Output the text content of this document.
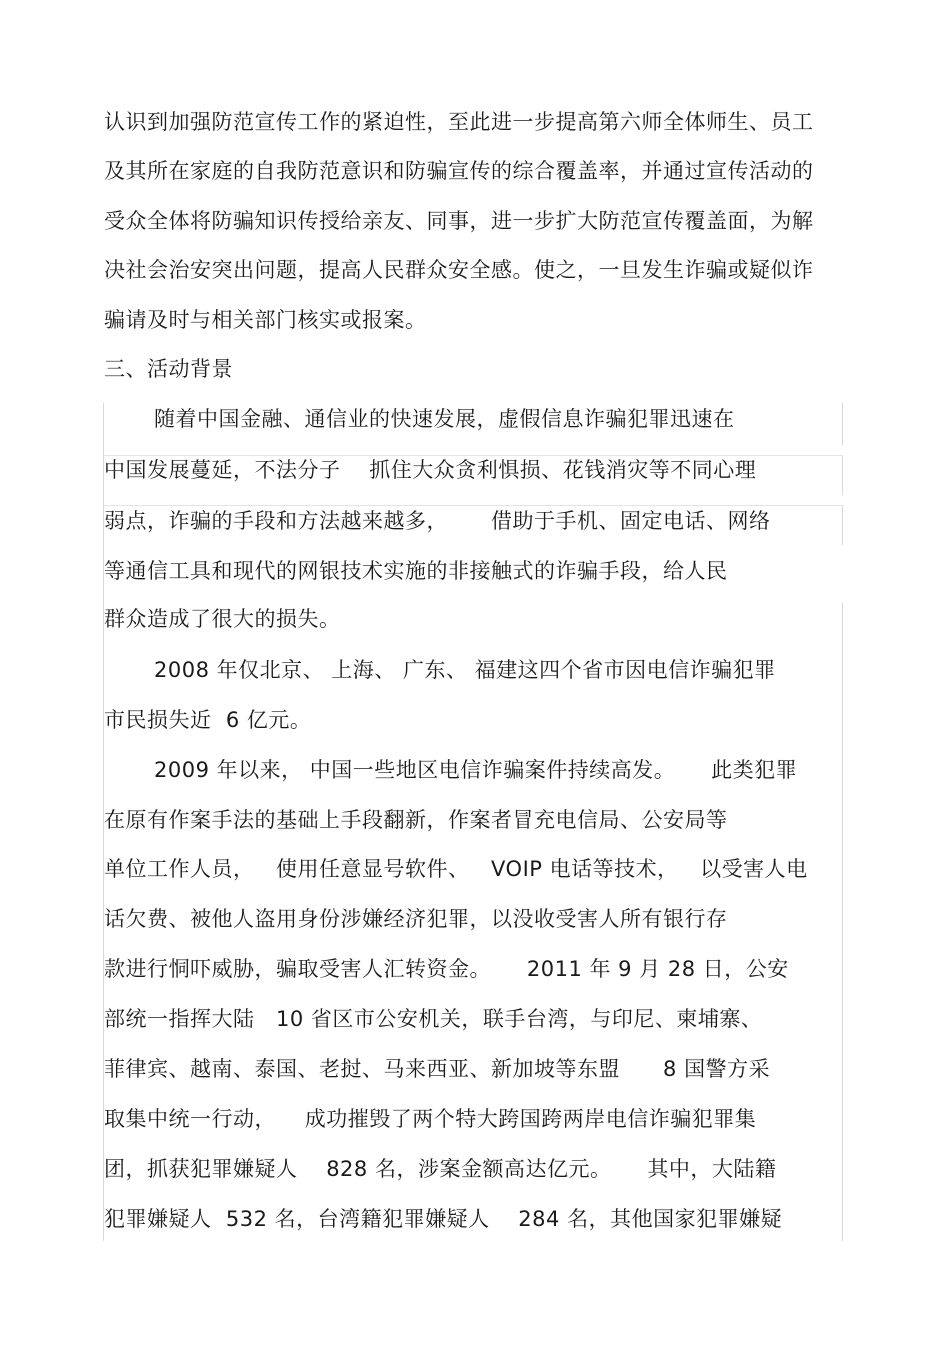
认识到加强防范宣传工作的紧迫性，至此进一步提高第六师全体师生、员工
及其所在家庭的自我防范意识和防骗宣传的综合覆盖率，并通过宣传活动的
受众全体将防骗知识传授给亲友、同事，进一步扩大防范宣传覆盖面，为解
决社会治安突出问题，提高人民群众安全感。使之，一旦发生诈骗或疑似诈
骗请及时与相关部门核实或报案。
三、活动背景
随着中国金融、通信业的快速发展，虚假信息诈骗犯罪迅速在
中国发展蔓延，不法分子    抓住大众贪利惧损、花钱消灾等不同心理
弱点，诈骗的手段和方法越来越多，      借助于手机、固定电话、网络
等通信工具和现代的网银技术实施的非接触式的诈骗手段，给人民
群众造成了很大的损失。
2008 年仅北京、 上海、 广东、 福建这四个省市因电信诈骗犯罪
市民损失近  6 亿元。
2009 年以来， 中国一些地区电信诈骗案件持续高发。     此类犯罪
在原有作案手法的基础上手段翻新，作案者冒充电信局、公安局等
单位工作人员，   使用任意显号软件、   VOIP 电话等技术，   以受害人电
话欠费、被他人盗用身份涉嫌经济犯罪，以没收受害人所有银行存
款进行恫吓威胁，骗取受害人汇转资金。     2011 年 9 月 28 日，公安
部统一指挥大陆   10 省区市公安机关，联手台湾，与印尼、柬埔寨、
菲律宾、越南、泰国、老挝、马来西亚、新加坡等东盟      8 国警方采
取集中统一行动，    成功摧毁了两个特大跨国跨两岸电信诈骗犯罪集
团，抓获犯罪嫌疑人    828 名，涉案金额高达亿元。     其中，大陆籍
犯罪嫌疑人  532 名，台湾籍犯罪嫌疑人    284 名，其他国家犯罪嫌疑
